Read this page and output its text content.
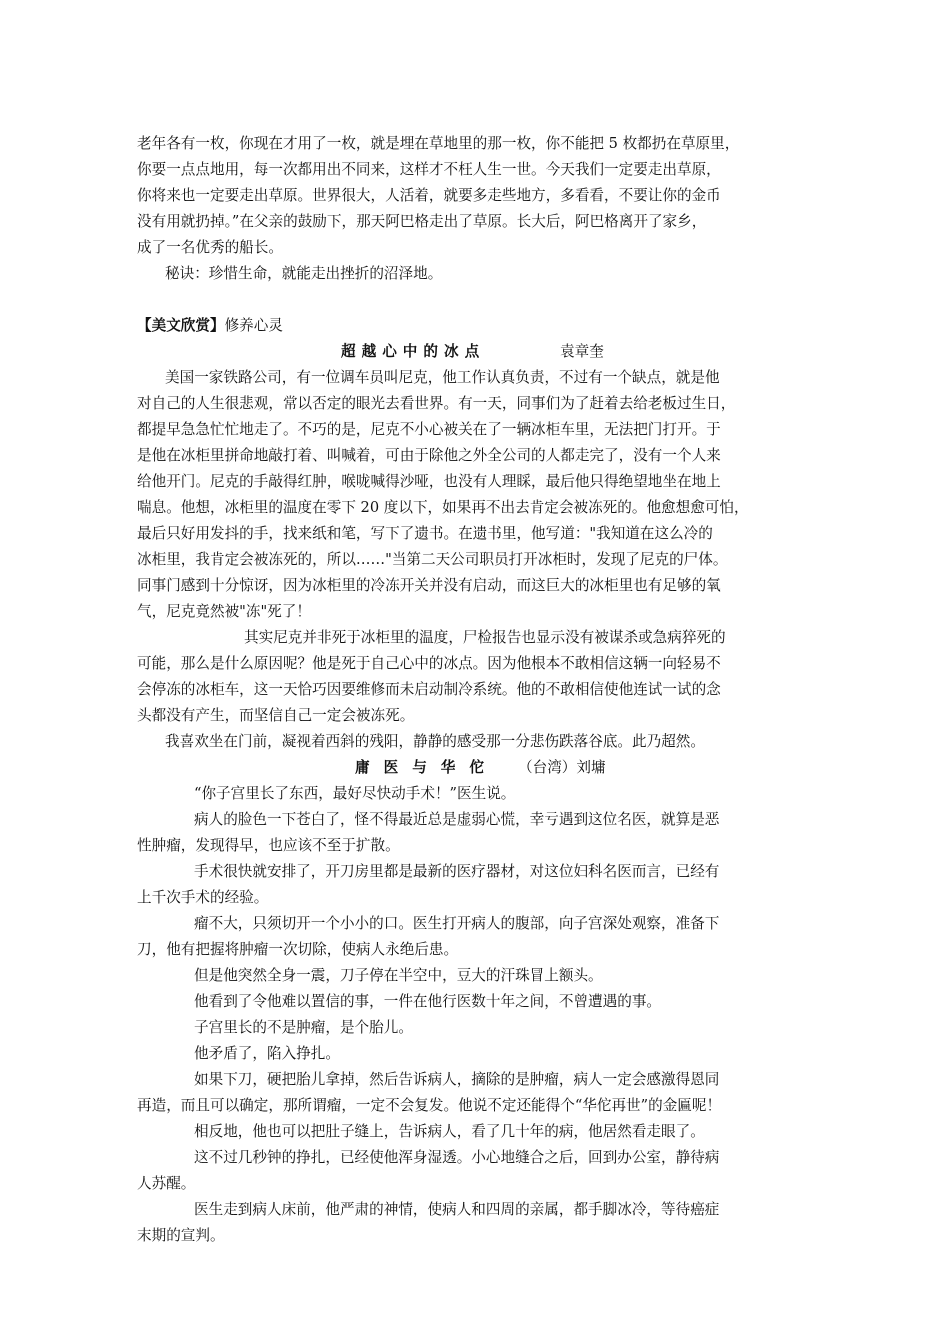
老年各有一枚，你现在才用了一枚，就是埋在草地里的那一枚，你不能把 5 枚都扔在草原里，
你要一点点地用，每一次都用出不同来，这样才不枉人生一世。今天我们一定要走出草原，
你将来也一定要走出草原。世界很大，人活着，就要多走些地方，多看看，不要让你的金币
没有用就扔掉。”在父亲的鼓励下，那天阿巴格走出了草原。长大后，阿巴格离开了家乡，
成了一名优秀的船长。
秘诀：珍惜生命，就能走出挫折的沼泽地。
【美文欣赏】修养心灵
超越心中的冰点	袁章奎
美国一家铁路公司，有一位调车员叫尼克，他工作认真负责，不过有一个缺点，就是他
对自己的人生很悲观，常以否定的眼光去看世界。有一天，同事们为了赶着去给老板过生日，
都提早急急忙忙地走了。不巧的是，尼克不小心被关在了一辆冰柜车里，无法把门打开。于
是他在冰柜里拼命地敲打着、叫喊着，可由于除他之外全公司的人都走完了，没有一个人来
给他开门。尼克的手敲得红肿，喉咙喊得沙哑，也没有人理睬，最后他只得绝望地坐在地上
喘息。他想，冰柜里的温度在零下 20 度以下，如果再不出去肯定会被冻死的。他愈想愈可怕，
最后只好用发抖的手，找来纸和笔，写下了遗书。在遗书里，他写道："我知道在这么冷的
冰柜里，我肯定会被冻死的，所以……"当第二天公司职员打开冰柜时，发现了尼克的尸体。
同事门感到十分惊讶，因为冰柜里的冷冻开关并没有启动，而这巨大的冰柜里也有足够的氧
气，尼克竟然被"冻"死了！
其实尼克并非死于冰柜里的温度，尸检报告也显示没有被谋杀或急病猝死的
可能，那么是什么原因呢？他是死于自己心中的冰点。因为他根本不敢相信这辆一向轻易不
会停冻的冰柜车，这一天恰巧因要维修而未启动制冷系统。他的不敢相信使他连试一试的念
头都没有产生，而坚信自己一定会被冻死。
我喜欢坐在门前，凝视着西斜的残阳，静静的感受那一分悲伤跌落谷底。此乃超然。
庸医与华佗 （台湾）刘墉
“你子宫里长了东西，最好尽快动手术！”医生说。
病人的脸色一下苍白了，怪不得最近总是虚弱心慌，幸亏遇到这位名医，就算是恶
性肿瘤，发现得早，也应该不至于扩散。
手术很快就安排了，开刀房里都是最新的医疗器材，对这位妇科名医而言，已经有
上千次手术的经验。
瘤不大，只须切开一个小小的口。医生打开病人的腹部，向子宫深处观察，准备下
刀，他有把握将肿瘤一次切除，使病人永绝后患。
但是他突然全身一震，刀子停在半空中，豆大的汗珠冒上额头。
他看到了令他难以置信的事，一件在他行医数十年之间，不曾遭遇的事。
子宫里长的不是肿瘤，是个胎儿。
他矛盾了，陷入挣扎。
如果下刀，硬把胎儿拿掉，然后告诉病人，摘除的是肿瘤，病人一定会感激得恩同
再造，而且可以确定，那所谓瘤，一定不会复发。他说不定还能得个“华佗再世”的金匾呢！
相反地，他也可以把肚子缝上，告诉病人，看了几十年的病，他居然看走眼了。
这不过几秒钟的挣扎，已经使他浑身湿透。小心地缝合之后，回到办公室，静待病
人苏醒。
医生走到病人床前，他严肃的神情，使病人和四周的亲属，都手脚冰冷，等待癌症
末期的宣判。
